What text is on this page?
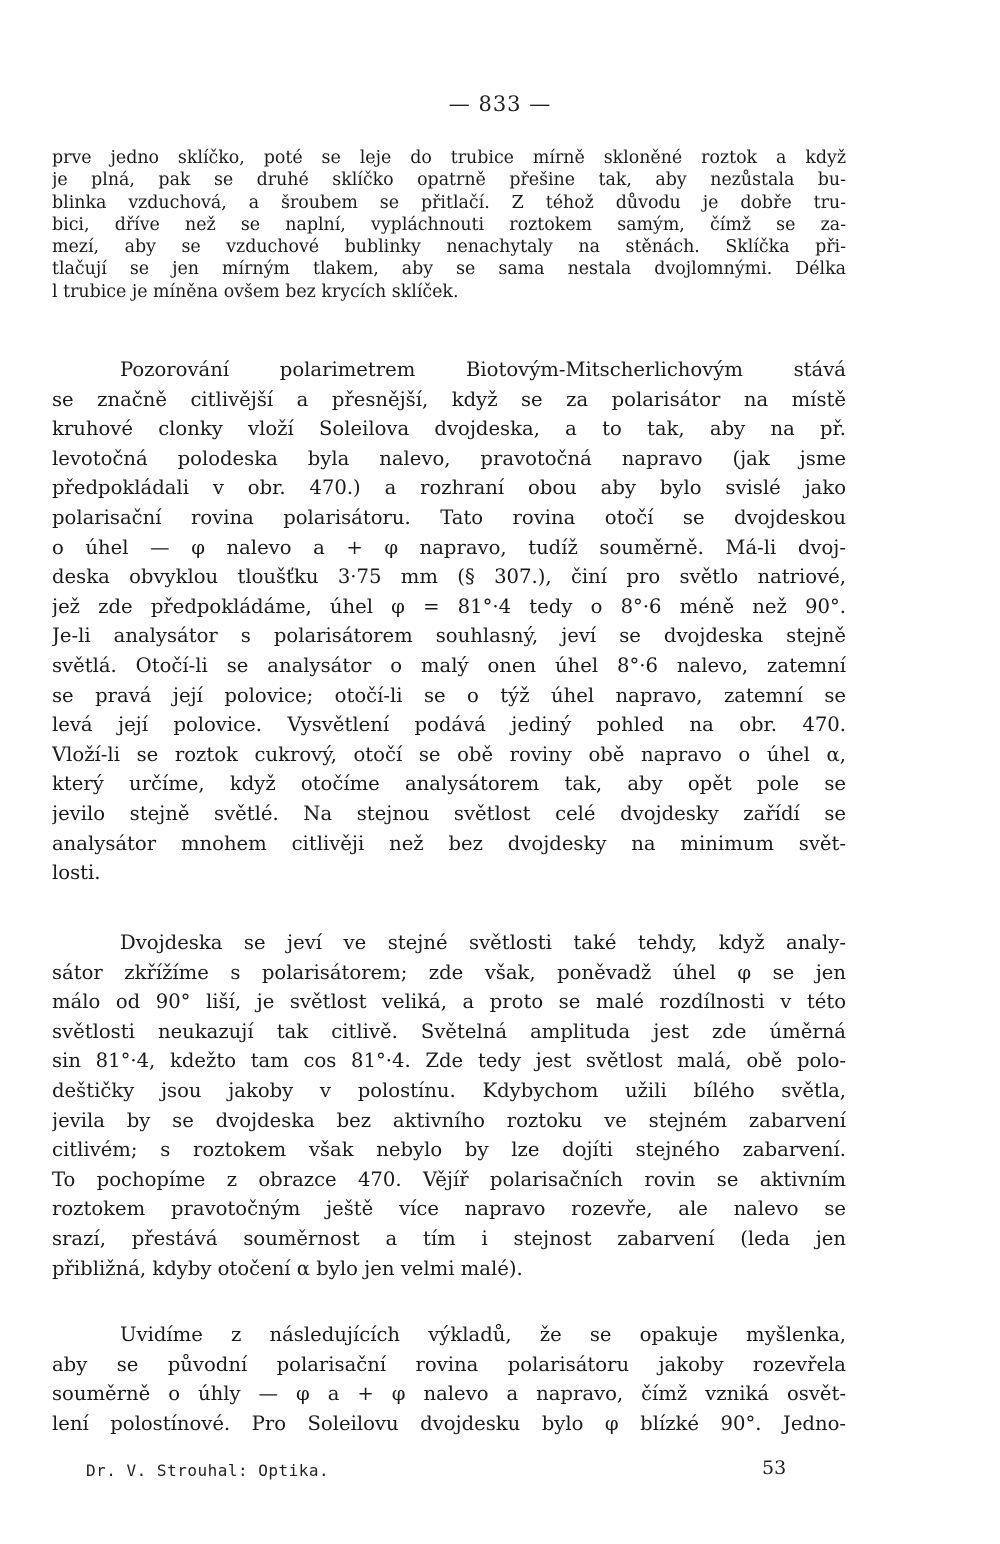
— 833 —
prve jedno sklíčko, poté se leje do trubice mírně skloněné roztok a když
je plná, pak se druhé sklíčko opatrně přešine tak, aby nezůstala bu-
blinka vzduchová, a šroubem se přitlačí. Z téhož důvodu je dobře tru-
bici, dříve než se naplní, vypláchnouti roztokem samým, čímž se za-
mezí, aby se vzduchové bublinky nenachytaly na stěnách. Sklíčka při-
tlačují se jen mírným tlakem, aby se sama nestala dvojlomnými. Délka
l trubice je míněna ovšem bez krycích sklíček.
Pozorování polarimetrem Biotovým-Mitscherlichovým stává
se značně citlivější a přesnější, když se za polarisátor na místě
kruhové clonky vloží Soleilova dvojdeska, a to tak, aby na př.
levotočná polodeska byla nalevo, pravotočná napravo (jak jsme
předpokládali v obr. 470.) a rozhraní obou aby bylo svislé jako
polarisační rovina polarisátoru. Tato rovina otočí se dvojdeskou
o úhel — φ nalevo a + φ napravo, tudíž souměrně. Má-li dvoj-
deska obvyklou tloušťku 3·75 mm (§ 307.), činí pro světlo natriové,
jež zde předpokládáme, úhel φ = 81°·4 tedy o 8°·6 méně než 90°.
Je-li analysátor s polarisátorem souhlasný, jeví se dvojdeska stejně
světlá. Otočí-li se analysátor o malý onen úhel 8°·6 nalevo, zatemní
se pravá její polovice; otočí-li se o týž úhel napravo, zatemní se
levá její polovice. Vysvětlení podává jediný pohled na obr. 470.
Vloží-li se roztok cukrový, otočí se obě roviny obě napravo o úhel α,
který určíme, když otočíme analysátorem tak, aby opět pole se
jevilo stejně světlé. Na stejnou světlost celé dvojdesky zařídí se
analysátor mnohem citlivěji než bez dvojdesky na minimum svět-
losti.
Dvojdeska se jeví ve stejné světlosti také tehdy, když analy-
sátor zkřížíme s polarisátorem; zde však, poněvadž úhel φ se jen
málo od 90° liší, je světlost veliká, a proto se malé rozdílnosti v této
světlosti neukazují tak citlivě. Světelná amplituda jest zde úměrná
sin 81°·4, kdežto tam cos 81°·4. Zde tedy jest světlost malá, obě polo-
deštičky jsou jakoby v polostínu. Kdybychom užili bílého světla,
jevila by se dvojdeska bez aktivního roztoku ve stejném zabarvení
citlivém; s roztokem však nebylo by lze dojíti stejného zabarvení.
To pochopíme z obrazce 470. Vějíř polarisačních rovin se aktivním
roztokem pravotočným ještě více napravo rozevře, ale nalevo se
srazí, přestává souměrnost a tím i stejnost zabarvení (leda jen
přibližná, kdyby otočení α bylo jen velmi malé).
Uvidíme z následujících výkladů, že se opakuje myšlenka,
aby se původní polarisační rovina polarisátoru jakoby rozevřela
souměrně o úhly — φ a + φ nalevo a napravo, čímž vzniká osvět-
lení polostínové. Pro Soleilovu dvojdesku bylo φ blízké 90°. Jedno-
Dr. V. Strouhal: Optika.	53
